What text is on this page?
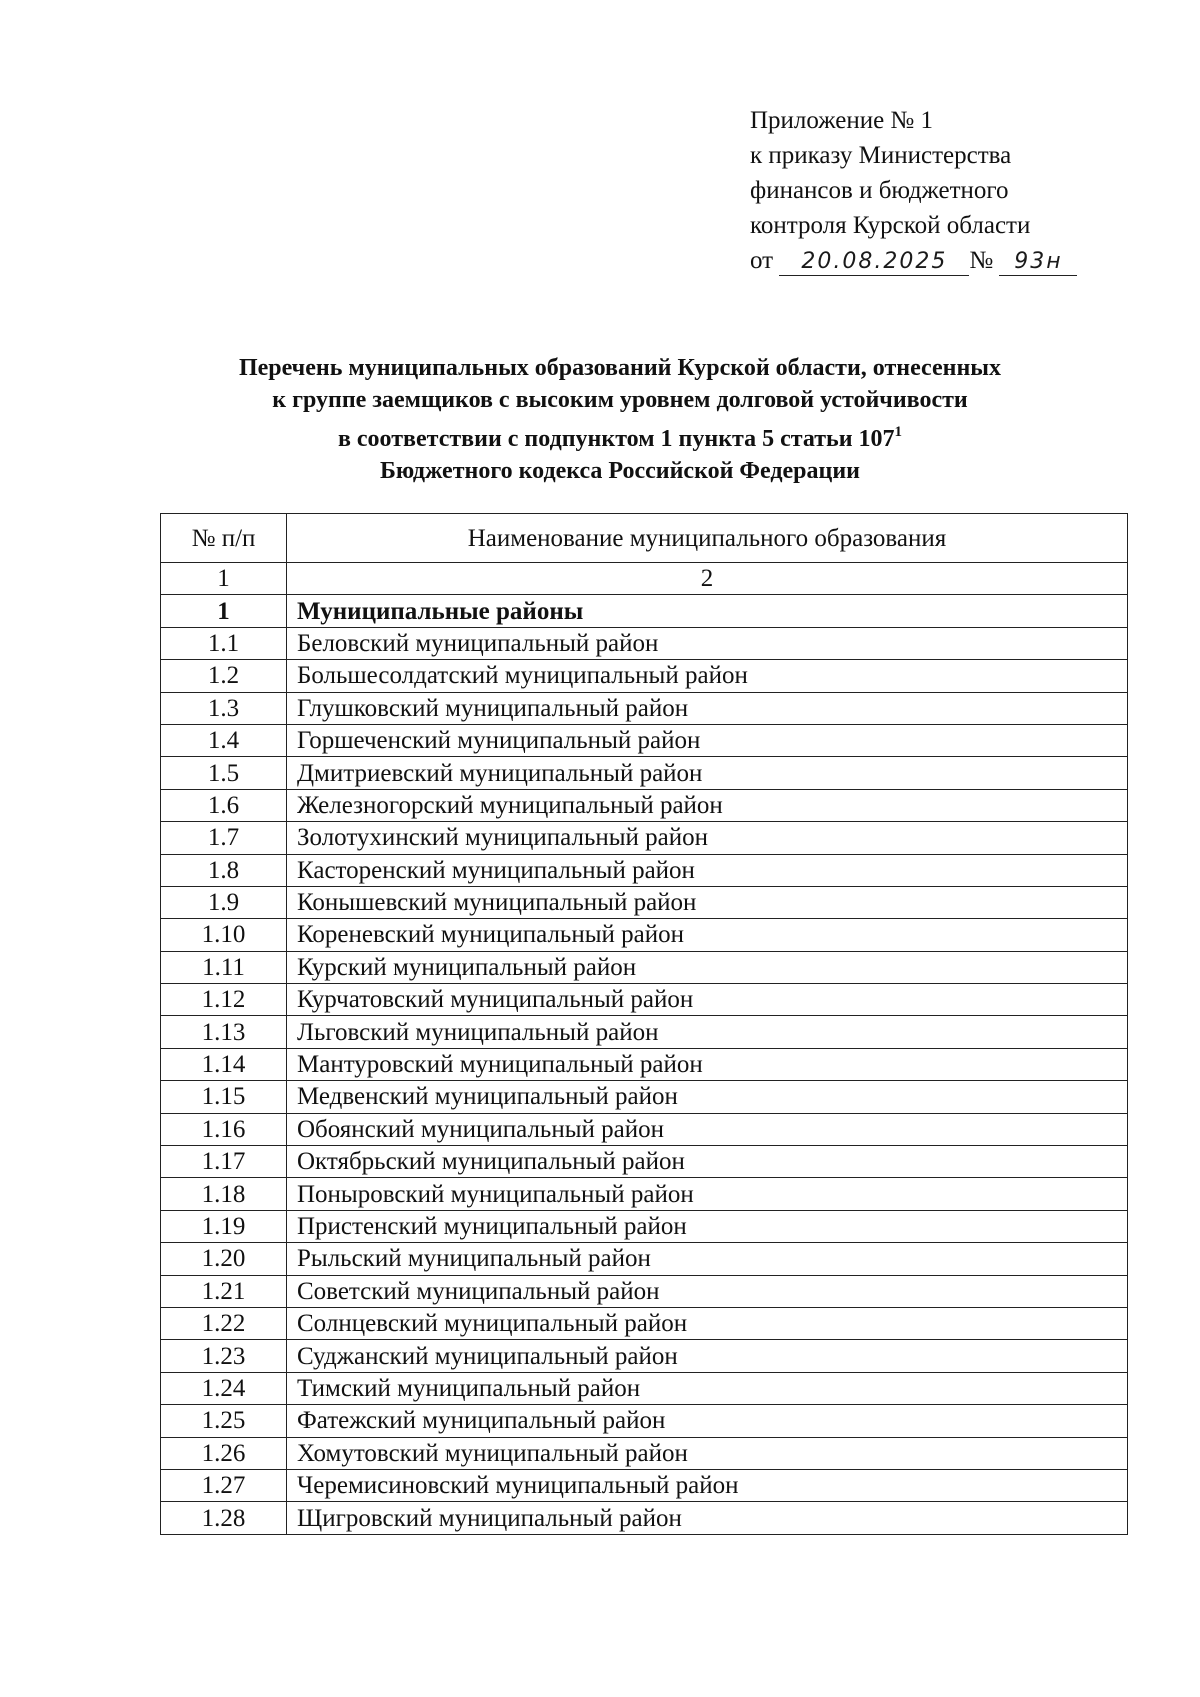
Приложение № 1
к приказу Министерства
финансов и бюджетного
контроля Курской области
от 20.08.2025 № 93н
Перечень муниципальных образований Курской области, отнесенных
к группе заемщиков с высоким уровнем долговой устойчивости
в соответствии с подпунктом 1 пункта 5 статьи $107^1$
Бюджетного кодекса Российской Федерации
№ п/п	Наименование муниципального образования
1	2
1	Муниципальные районы
1.1	Беловский муниципальный район
1.2	Большесолдатский муниципальный район
1.3	Глушковский муниципальный район
1.4	Горшеченский муниципальный район
1.5	Дмитриевский муниципальный район
1.6	Железногорский муниципальный район
1.7	Золотухинский муниципальный район
1.8	Касторенский муниципальный район
1.9	Конышевский муниципальный район
1.10	Кореневский муниципальный район
1.11	Курский муниципальный район
1.12	Курчатовский муниципальный район
1.13	Льговский муниципальный район
1.14	Мантуровский муниципальный район
1.15	Медвенский муниципальный район
1.16	Обоянский муниципальный район
1.17	Октябрьский муниципальный район
1.18	Поныровский муниципальный район
1.19	Пристенский муниципальный район
1.20	Рыльский муниципальный район
1.21	Советский муниципальный район
1.22	Солнцевский муниципальный район
1.23	Суджанский муниципальный район
1.24	Тимский муниципальный район
1.25	Фатежский муниципальный район
1.26	Хомутовский муниципальный район
1.27	Черемисиновский муниципальный район
1.28	Щигровский муниципальный район
